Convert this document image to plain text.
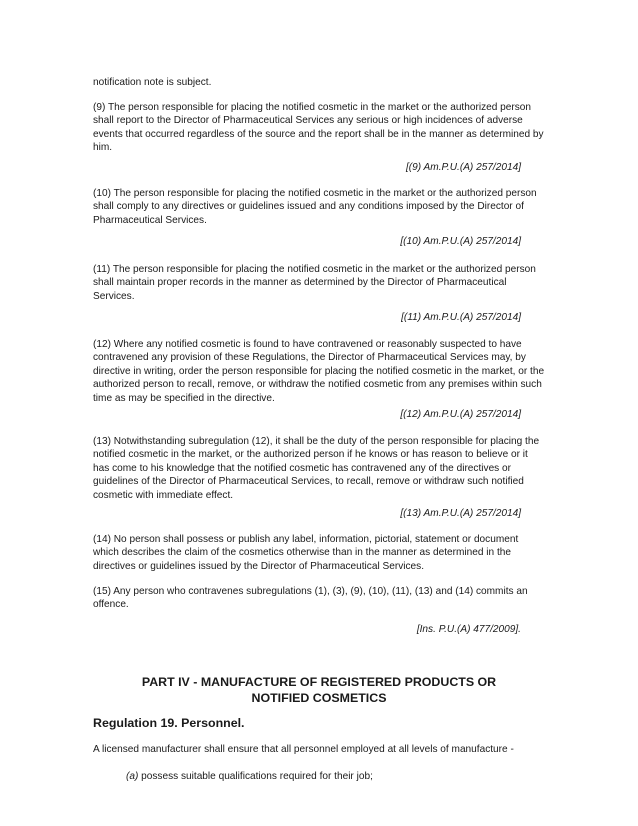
notification note is subject.

(9) The person responsible for placing the notified cosmetic in the market or the authorized person shall report to the Director of Pharmaceutical Services any serious or high incidences of adverse events that occurred regardless of the source and the report shall be in the manner as determined by him.

[(9) Am.P.U.(A) 257/2014]

(10) The person responsible for placing the notified cosmetic in the market or the authorized person shall comply to any directives or guidelines issued and any conditions imposed by the Director of Pharmaceutical Services.

[(10) Am.P.U.(A) 257/2014]

(11) The person responsible for placing the notified cosmetic in the market or the authorized person shall maintain proper records in the manner as determined by the Director of Pharmaceutical Services.

[(11) Am.P.U.(A) 257/2014]

(12) Where any notified cosmetic is found to have contravened or reasonably suspected to have contravened any provision of these Regulations, the Director of Pharmaceutical Services may, by directive in writing, order the person responsible for placing the notified cosmetic in the market, or the authorized person to recall, remove, or withdraw the notified cosmetic from any premises within such time as may be specified in the directive.

[(12) Am.P.U.(A) 257/2014]

(13) Notwithstanding subregulation (12), it shall be the duty of the person responsible for placing the notified cosmetic in the market, or the authorized person if he knows or has reason to believe or it has come to his knowledge that the notified cosmetic has contravened any of the directives or guidelines of the Director of Pharmaceutical Services, to recall, remove or withdraw such notified cosmetic with immediate effect.

[(13) Am.P.U.(A) 257/2014]

(14) No person shall possess or publish any label, information, pictorial, statement or document which describes the claim of the cosmetics otherwise than in the manner as determined in the directives or guidelines issued by the Director of Pharmaceutical Services.

(15) Any person who contravenes subregulations (1), (3), (9), (10), (11), (13) and (14) commits an offence.

[Ins. P.U.(A) 477/2009].

PART IV - MANUFACTURE OF REGISTERED PRODUCTS OR NOTIFIED COSMETICS

Regulation 19. Personnel.

A licensed manufacturer shall ensure that all personnel employed at all levels of manufacture -

(a) possess suitable qualifications required for their job;
